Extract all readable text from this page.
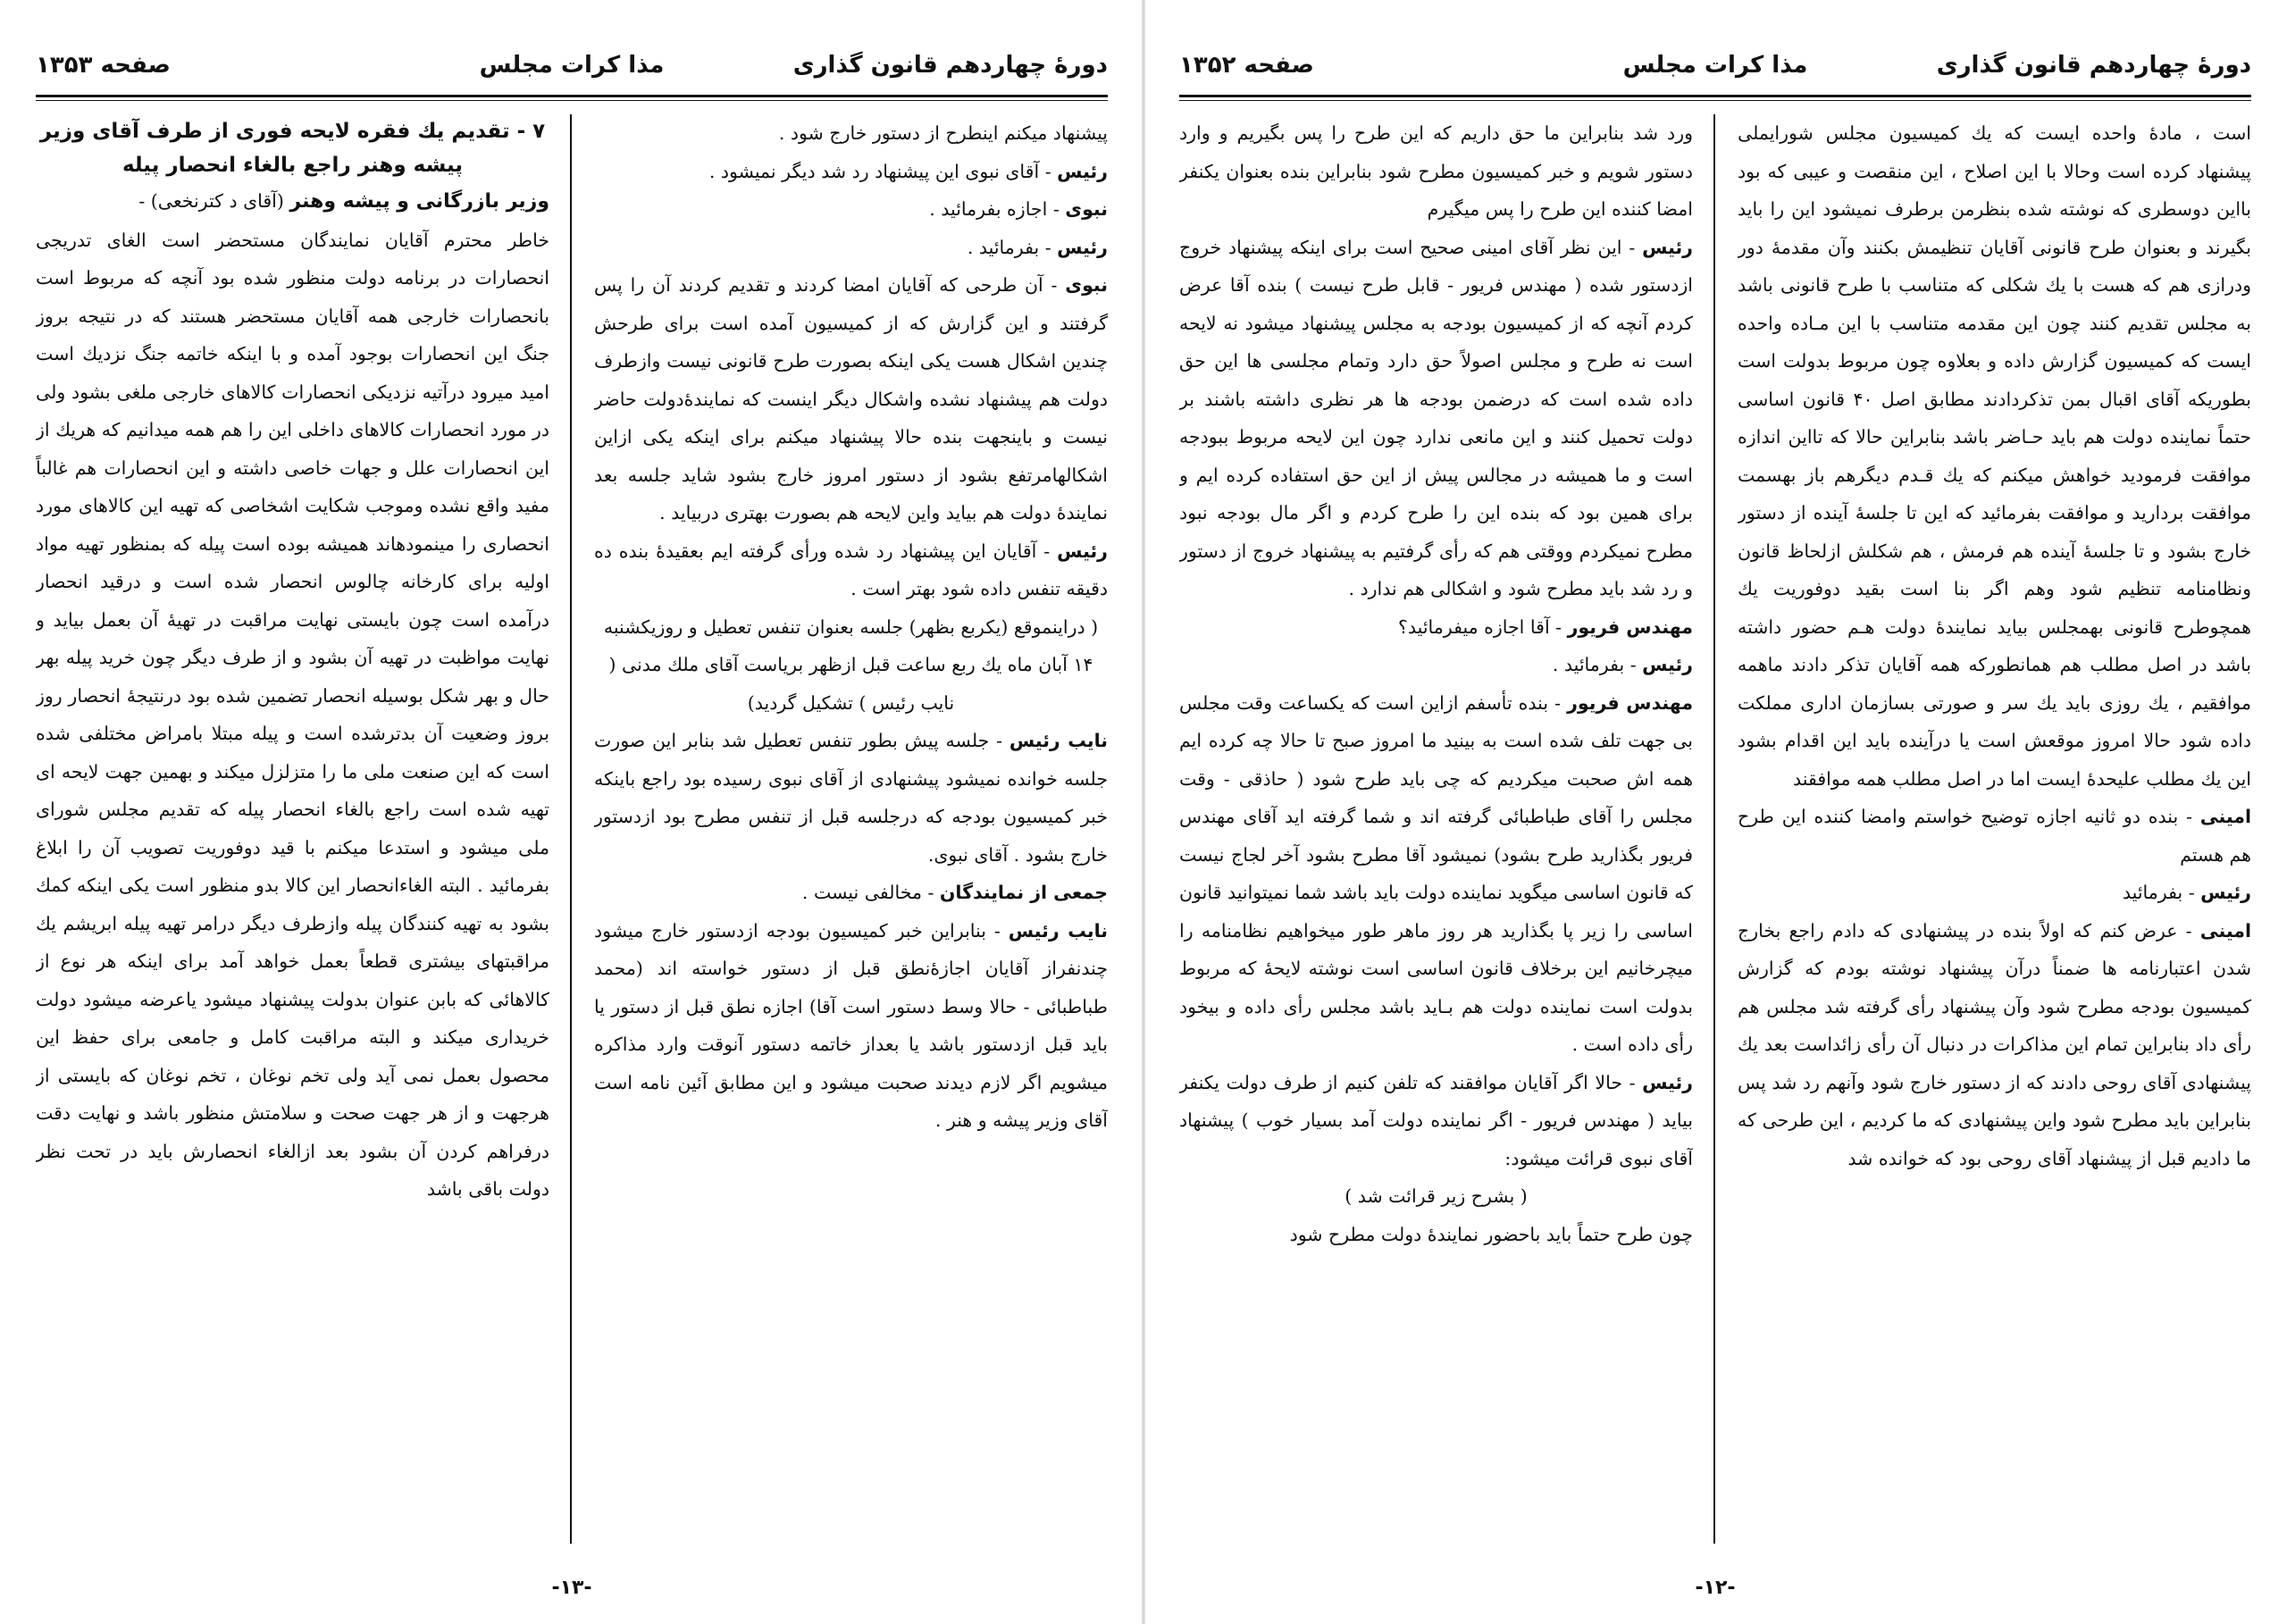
دورۀ چهاردهم قانون گذاری
مذا کرات مجلس
صفحه ۱۳۵۳

پیشنهاد میکنم اینطرح از دستور خارج شود .

رئیس - آقای نبوی این پیشنهاد رد شد دیگر نمیشود .

نبوی - اجازه بفرمائید .

رئیس - بفرمائید .

نبوی - آن طرحی که آقایان امضا کردند و تقدیم کردند آن را پس گرفتند و این گزارش که از کمیسیون آمده است برای طرحش چندین اشکال هست یکی اینکه بصورت طرح قانونی نیست وازطرف دولت هم پیشنهاد نشده واشکال دیگر اینست که نمایندۀدولت حاضر نیست و باینجهت بنده حالا پیشنهاد میکنم برای اینکه یکی ازاین اشکالهامرتفع بشود از دستور امروز خارج بشود شاید جلسه بعد نمایندۀ دولت هم بیاید واین لایحه هم بصورت بهتری دربیاید .

رئیس - آقایان این پیشنهاد رد شده ورأی گرفته ایم بعقیدۀ بنده ده دقیقه تنفس داده شود بهتر است .

( دراینموقع (یکربع بظهر) جلسه بعنوان تنفس تعطیل و روزیکشنبه ۱۴ آبان ماه یك ربع ساعت قبل ازظهر برياست آقای ملك مدنی ( نایب رئیس ) تشکیل گردید)

نایب رئیس - جلسه پیش بطور تنفس تعطیل شد بنابر این صورت جلسه خوانده نمیشود پیشنهادی از آقای نبوی رسیده بود راجع باینکه خبر کمیسیون بودجه که درجلسه قبل از تنفس مطرح بود ازدستور خارج بشود . آقای نبوی.

جمعی از نمایندگان - مخالفی نیست .

نایب رئیس - بنابراین خبر کمیسیون بودجه ازدستور خارج میشود چندنفراز آقایان اجازۀنطق قبل از دستور خواسته اند (محمد طباطبائی - حالا وسط دستور است آقا) اجازه نطق قبل از دستور یا باید قبل ازدستور باشد یا بعداز خاتمه دستور آنوقت وارد مذاکره میشویم اگر لازم دیدند صحبت میشود و این مطابق آئین نامه است آقای وزیر پیشه و هنر .

۷ - تقدیم یك فقره لایحه فوری از طرف آقای وزیر پیشه وهنر راجع بالغاء انحصار پیله

وزیر بازرگانی و پیشه وهنر (آقای د کترنخعی) -

خاطر محترم آقایان نمایندگان مستحضر است الغای تدریجی انحصارات در برنامه دولت منظور شده بود آنچه که مربوط است بانحصارات خارجی همه آقایان مستحضر هستند که در نتیجه بروز جنگ این انحصارات بوجود آمده و با اینکه خاتمه جنگ نزدیك است امید میرود درآتیه نزدیکی انحصارات کالاهای خارجی ملغی بشود ولی در مورد انحصارات کالاهای داخلی این را هم همه میدانیم که هریك از این انحصارات علل و جهات خاصی داشته و این انحصارات هم غالباً مفید واقع نشده وموجب شکایت اشخاصی که تهیه این کالاهای مورد انحصاری را مینمودهاند همیشه بوده است پیله که بمنظور تهیه مواد اولیه برای کارخانه چالوس انحصار شده است و درقید انحصار درآمده است چون بایستی نهایت مراقبت در تهیۀ آن بعمل بیاید و نهایت مواظبت در تهیه آن بشود و از طرف دیگر چون خرید پیله بهر حال و بهر شکل بوسیله انحصار تضمین شده بود درنتیجۀ انحصار روز بروز وضعیت آن بدترشده است و پیله مبتلا بامراض مختلفی شده است که این صنعت ملی ما را متزلزل میکند و بهمین جهت لایحه ای تهیه شده است راجع بالغاء انحصار پیله که تقدیم مجلس شورای ملی میشود و استدعا میکنم با قید دوفوریت تصویب آن را ابلاغ بفرمائید . البته الغاءانحصار این کالا بدو منظور است یکی اینکه کمك بشود به تهیه کنندگان پیله وازطرف دیگر درامر تهیه پیله ابریشم یك مراقبتهای بیشتری قطعاً بعمل خواهد آمد برای اینکه هر نوع از کالاهائی که بابن عنوان بدولت پیشنهاد میشود یاعرضه میشود دولت خریداری میکند و البته مراقبت کامل و جامعی برای حفظ این محصول بعمل نمی آید ولی تخم نوغان ، تخم نوغان که بایستی از هرجهت و از هر جهت صحت و سلامتش منظور باشد و نهایت دقت درفراهم کردن آن بشود بعد ازالغاء انحصارش باید در تحت نظر دولت باقی باشد

-۱۳-
دورۀ چهاردهم قانون گذاری
مذا کرات مجلس
صفحه ۱۳۵۲

است ، مادۀ واحده ایست که یك کمیسیون مجلس شورایملی پیشنهاد کرده است وحالا با این اصلاح ، این منقصت و عیبی که بود بااین دوسطری که نوشته شده بنظرمن برطرف نمیشود این را باید بگیرند و بعنوان طرح قانونی آقایان تنظیمش بکنند وآن مقدمۀ دور ودرازی هم که هست با یك شکلی که متناسب با طرح قانونی باشد به مجلس تقدیم کنند چون این مقدمه متناسب با این مـاده واحده ایست که کمیسیون گزارش داده و بعلاوه چون مربوط بدولت است بطوریکه آقای اقبال بمن تذکردادند مطابق اصل ۴۰ قانون اساسی حتماً نماینده دولت هم باید حـاضر باشد بنابراین حالا که تااین اندازه موافقت فرمودید خواهش میکنم که یك قـدم دیگرهم باز بهسمت موافقت بردارید و موافقت بفرمائید که این تا جلسۀ آینده از دستور خارج بشود و تا جلسۀ آینده هم فرمش ، هم شکلش ازلحاظ قانون ونظامنامه تنظیم شود وهم اگر بنا است بقید دوفوریت یك همچوطرح قانونی بهمجلس بیاید نمایندۀ دولت هـم حضور داشته باشد در اصل مطلب هم همانطورکه همه آقایان تذکر دادند ماهمه موافقیم ، یك روزی باید یك سر و صورتی بسازمان اداری مملکت داده شود حالا امروز موقعش است یا درآینده باید این اقدام بشود این یك مطلب علیحدۀ ایست اما در اصل مطلب همه موافقند

امینی - بنده دو ثانیه اجازه توضیح خواستم وامضا کننده این طرح هم هستم

رئیس - بفرمائید

امینی - عرض کنم که اولاً بنده در پیشنهادی که دادم راجع بخارج شدن اعتبارنامه ها ضمناً درآن پیشنهاد نوشته بودم که گزارش کمیسیون بودجه مطرح شود وآن پیشنهاد رأی گرفته شد مجلس هم رأی داد بنابراین تمام این مذاکرات در دنبال آن رأی زائداست بعد یك پیشنهادی آقای روحی دادند که از دستور خارج شود وآنهم رد شد پس بنابراین باید مطرح شود واین پیشنهادی که ما کردیم ، این طرحی که ما دادیم قبل از پیشنهاد آقای روحی بود که خوانده شد

ورد شد بنابراین ما حق داریم که این طرح را پس بگیریم و وارد دستور شویم و خبر کمیسیون مطرح شود بنابراین بنده بعنوان یکنفر امضا کننده این طرح را پس میگیرم

رئیس - این نظر آقای امینی صحیح است برای اینکه پیشنهاد خروج ازدستور شده ( مهندس فریور - قابل طرح نیست ) بنده آقا عرض کردم آنچه که از کمیسیون بودجه به مجلس پیشنهاد میشود نه لایحه است نه طرح و مجلس اصولاً حق دارد وتمام مجلسی ها این حق داده شده است که درضمن بودجه ها هر نظری داشته باشند بر دولت تحمیل کنند و این مانعی ندارد چون این لایحه مربوط ببودجه است و ما همیشه در مجالس پیش از این حق استفاده کرده ایم و برای همین بود که بنده این را طرح کردم و اگر مال بودجه نبود مطرح نمیکردم ووقتی هم که رأی گرفتیم به پیشنهاد خروج از دستور و رد شد باید مطرح شود و اشکالی هم ندارد .

مهندس فریور - آقا اجازه میفرمائید؟

رئیس - بفرمائید .

مهندس فریور - بنده تأسفم ازاین است که یکساعت وقت مجلس بی جهت تلف شده است به بینید ما امروز صبح تا حالا چه کرده ایم همه اش صحبت میکردیم که چی باید طرح شود ( حاذقی - وقت مجلس را آقای طباطبائی گرفته اند و شما گرفته اید آقای مهندس فریور بگذارید طرح بشود) نمیشود آقا مطرح بشود آخر لجاج نیست که قانون اساسی میگوید نماینده دولت باید باشد شما نمیتوانید قانون اساسی را زیر پا بگذارید هر روز ماهر طور میخواهیم نظامنامه را میچرخانیم این برخلاف قانون اساسی است نوشته لایحۀ که مربوط بدولت است نماینده دولت هم بـاید باشد مجلس رأی داده و بیخود رأی داده است .

رئیس - حالا اگر آقایان موافقند که تلفن کنیم از طرف دولت یکنفر بیاید ( مهندس فریور - اگر نماینده دولت آمد بسیار خوب ) پیشنهاد آقای نبوی قرائت میشود:

( بشرح زیر قرائت شد )

چون طرح حتماً باید باحضور نمایندۀ دولت مطرح شود

-۱۲-
